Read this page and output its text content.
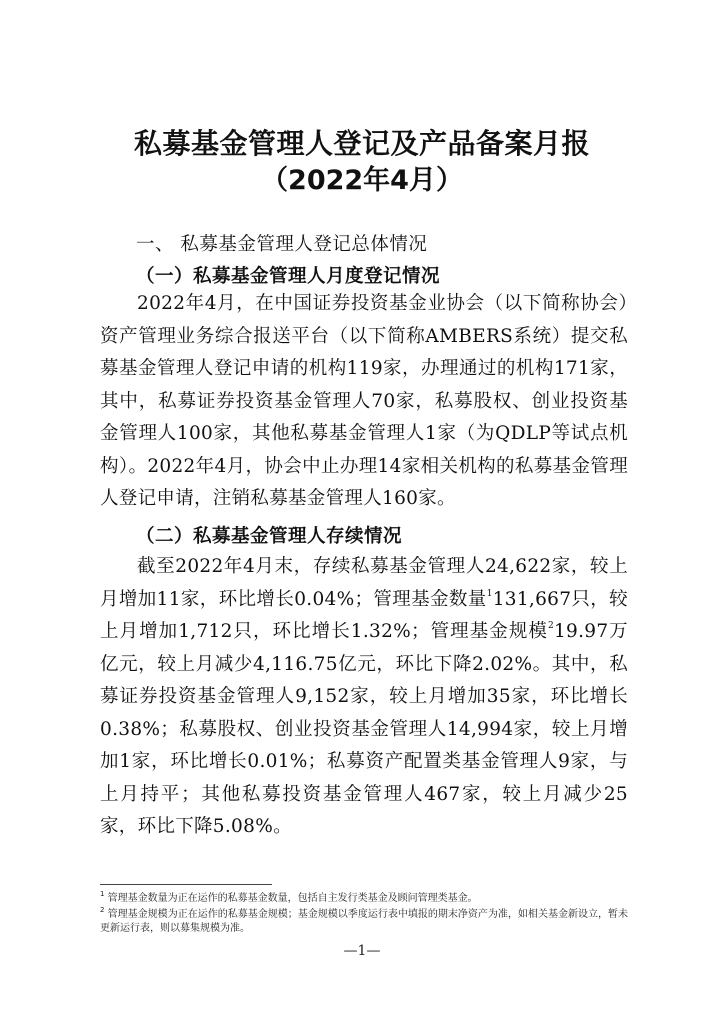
私募基金管理人登记及产品备案月报
（2022年4月）
一、 私募基金管理人登记总体情况
（一）私募基金管理人月度登记情况
2022年4月，在中国证券投资基金业协会（以下简称协会）资产管理业务综合报送平台（以下简称AMBERS系统）提交私募基金管理人登记申请的机构119家，办理通过的机构171家，其中，私募证券投资基金管理人70家，私募股权、创业投资基金管理人100家，其他私募基金管理人1家（为QDLP等试点机构）。2022年4月，协会中止办理14家相关机构的私募基金管理人登记申请，注销私募基金管理人160家。
（二）私募基金管理人存续情况
截至2022年4月末，存续私募基金管理人24,622家，较上月增加11家，环比增长0.04%；管理基金数量$^1$131,667只，较上月增加1,712只，环比增长1.32%；管理基金规模$^2$19.97万亿元，较上月减少4,116.75亿元，环比下降2.02%。其中，私募证券投资基金管理人9,152家，较上月增加35家，环比增长0.38%；私募股权、创业投资基金管理人14,994家，较上月增加1家，环比增长0.01%；私募资产配置类基金管理人9家，与上月持平；其他私募投资基金管理人467家，较上月减少25家，环比下降5.08%。
$^1$ 管理基金数量为正在运作的私募基金数量，包括自主发行类基金及顾问管理类基金。
$^2$ 管理基金规模为正在运作的私募基金规模；基金规模以季度运行表中填报的期末净资产为准，如相关基金新设立，暂未更新运行表，则以募集规模为准。
—1—
